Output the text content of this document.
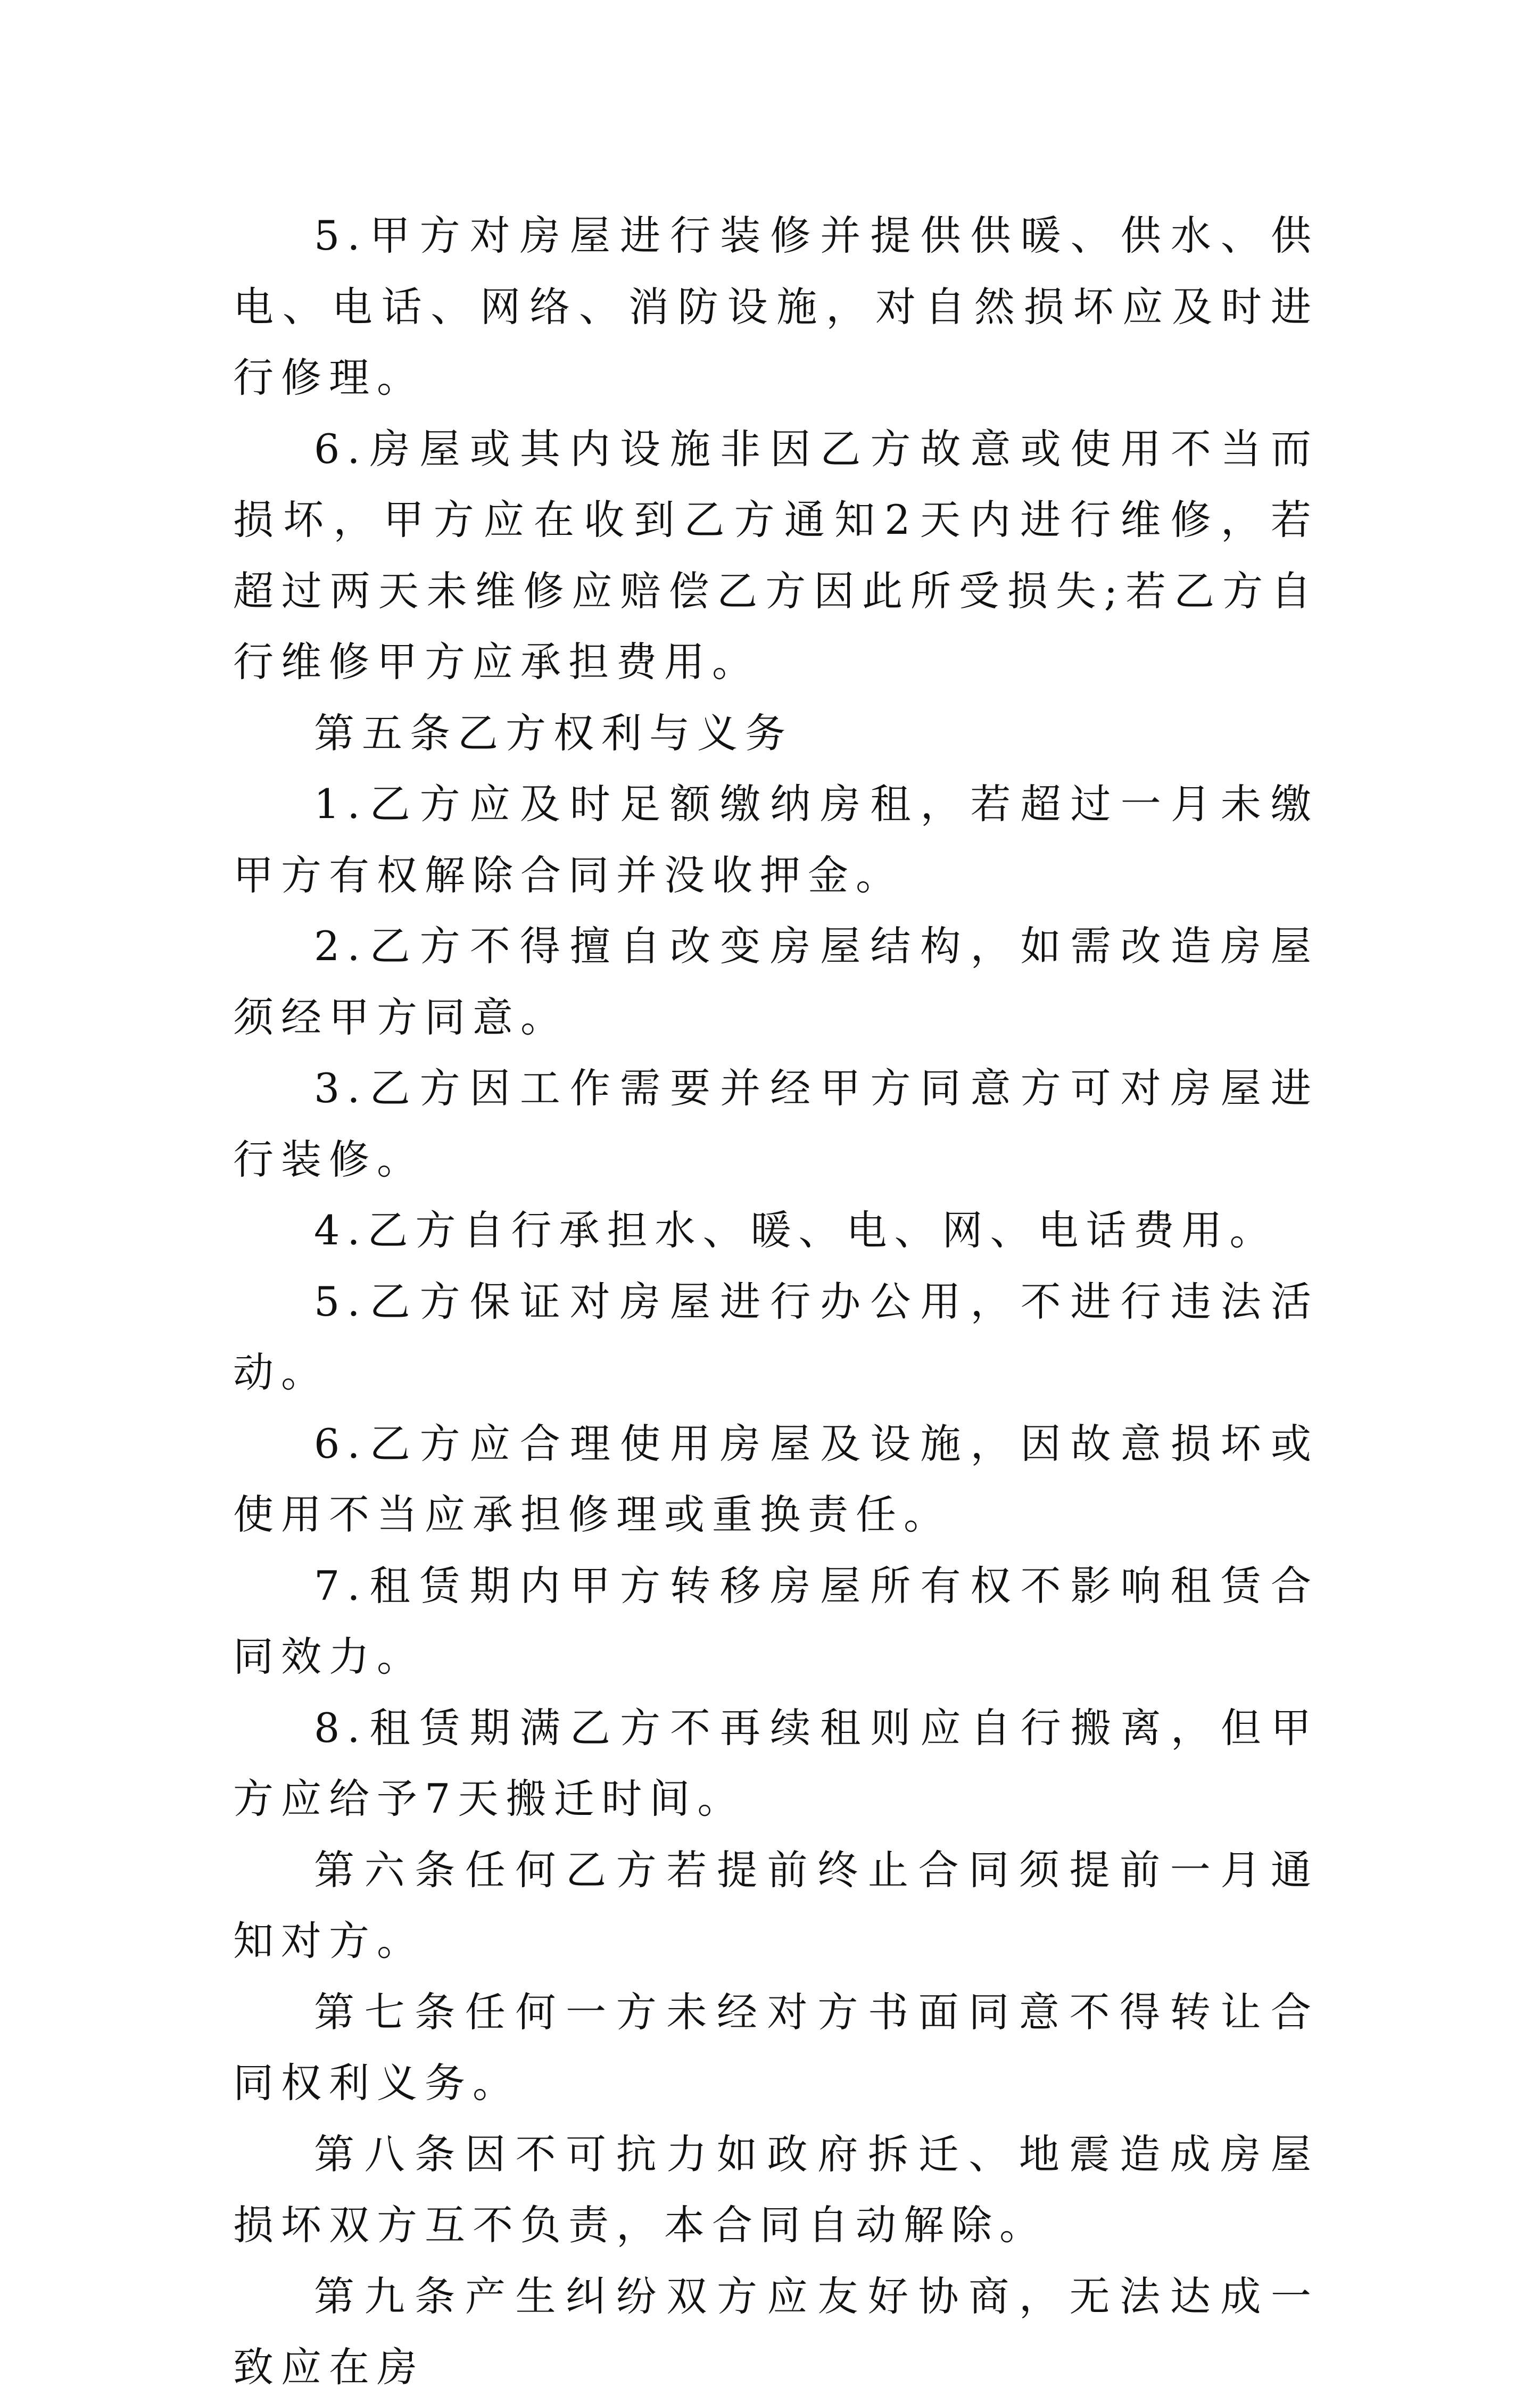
5.甲方对房屋进行装修并提供供暖、供水、供电、电话、网络、消防设施，对自然损坏应及时进行修理。

6.房屋或其内设施非因乙方故意或使用不当而损坏，甲方应在收到乙方通知2天内进行维修，若超过两天未维修应赔偿乙方因此所受损失;若乙方自行维修甲方应承担费用。

第五条乙方权利与义务

1.乙方应及时足额缴纳房租，若超过一月未缴甲方有权解除合同并没收押金。

2.乙方不得擅自改变房屋结构，如需改造房屋须经甲方同意。

3.乙方因工作需要并经甲方同意方可对房屋进行装修。

4.乙方自行承担水、暖、电、网、电话费用。

5.乙方保证对房屋进行办公用，不进行违法活动。

6.乙方应合理使用房屋及设施，因故意损坏或使用不当应承担修理或重换责任。

7.租赁期内甲方转移房屋所有权不影响租赁合同效力。

8.租赁期满乙方不再续租则应自行搬离，但甲方应给予7天搬迁时间。

第六条任何乙方若提前终止合同须提前一月通知对方。

第七条任何一方未经对方书面同意不得转让合同权利义务。

第八条因不可抗力如政府拆迁、地震造成房屋损坏双方互不负责，本合同自动解除。

第九条产生纠纷双方应友好协商，无法达成一致应在房
